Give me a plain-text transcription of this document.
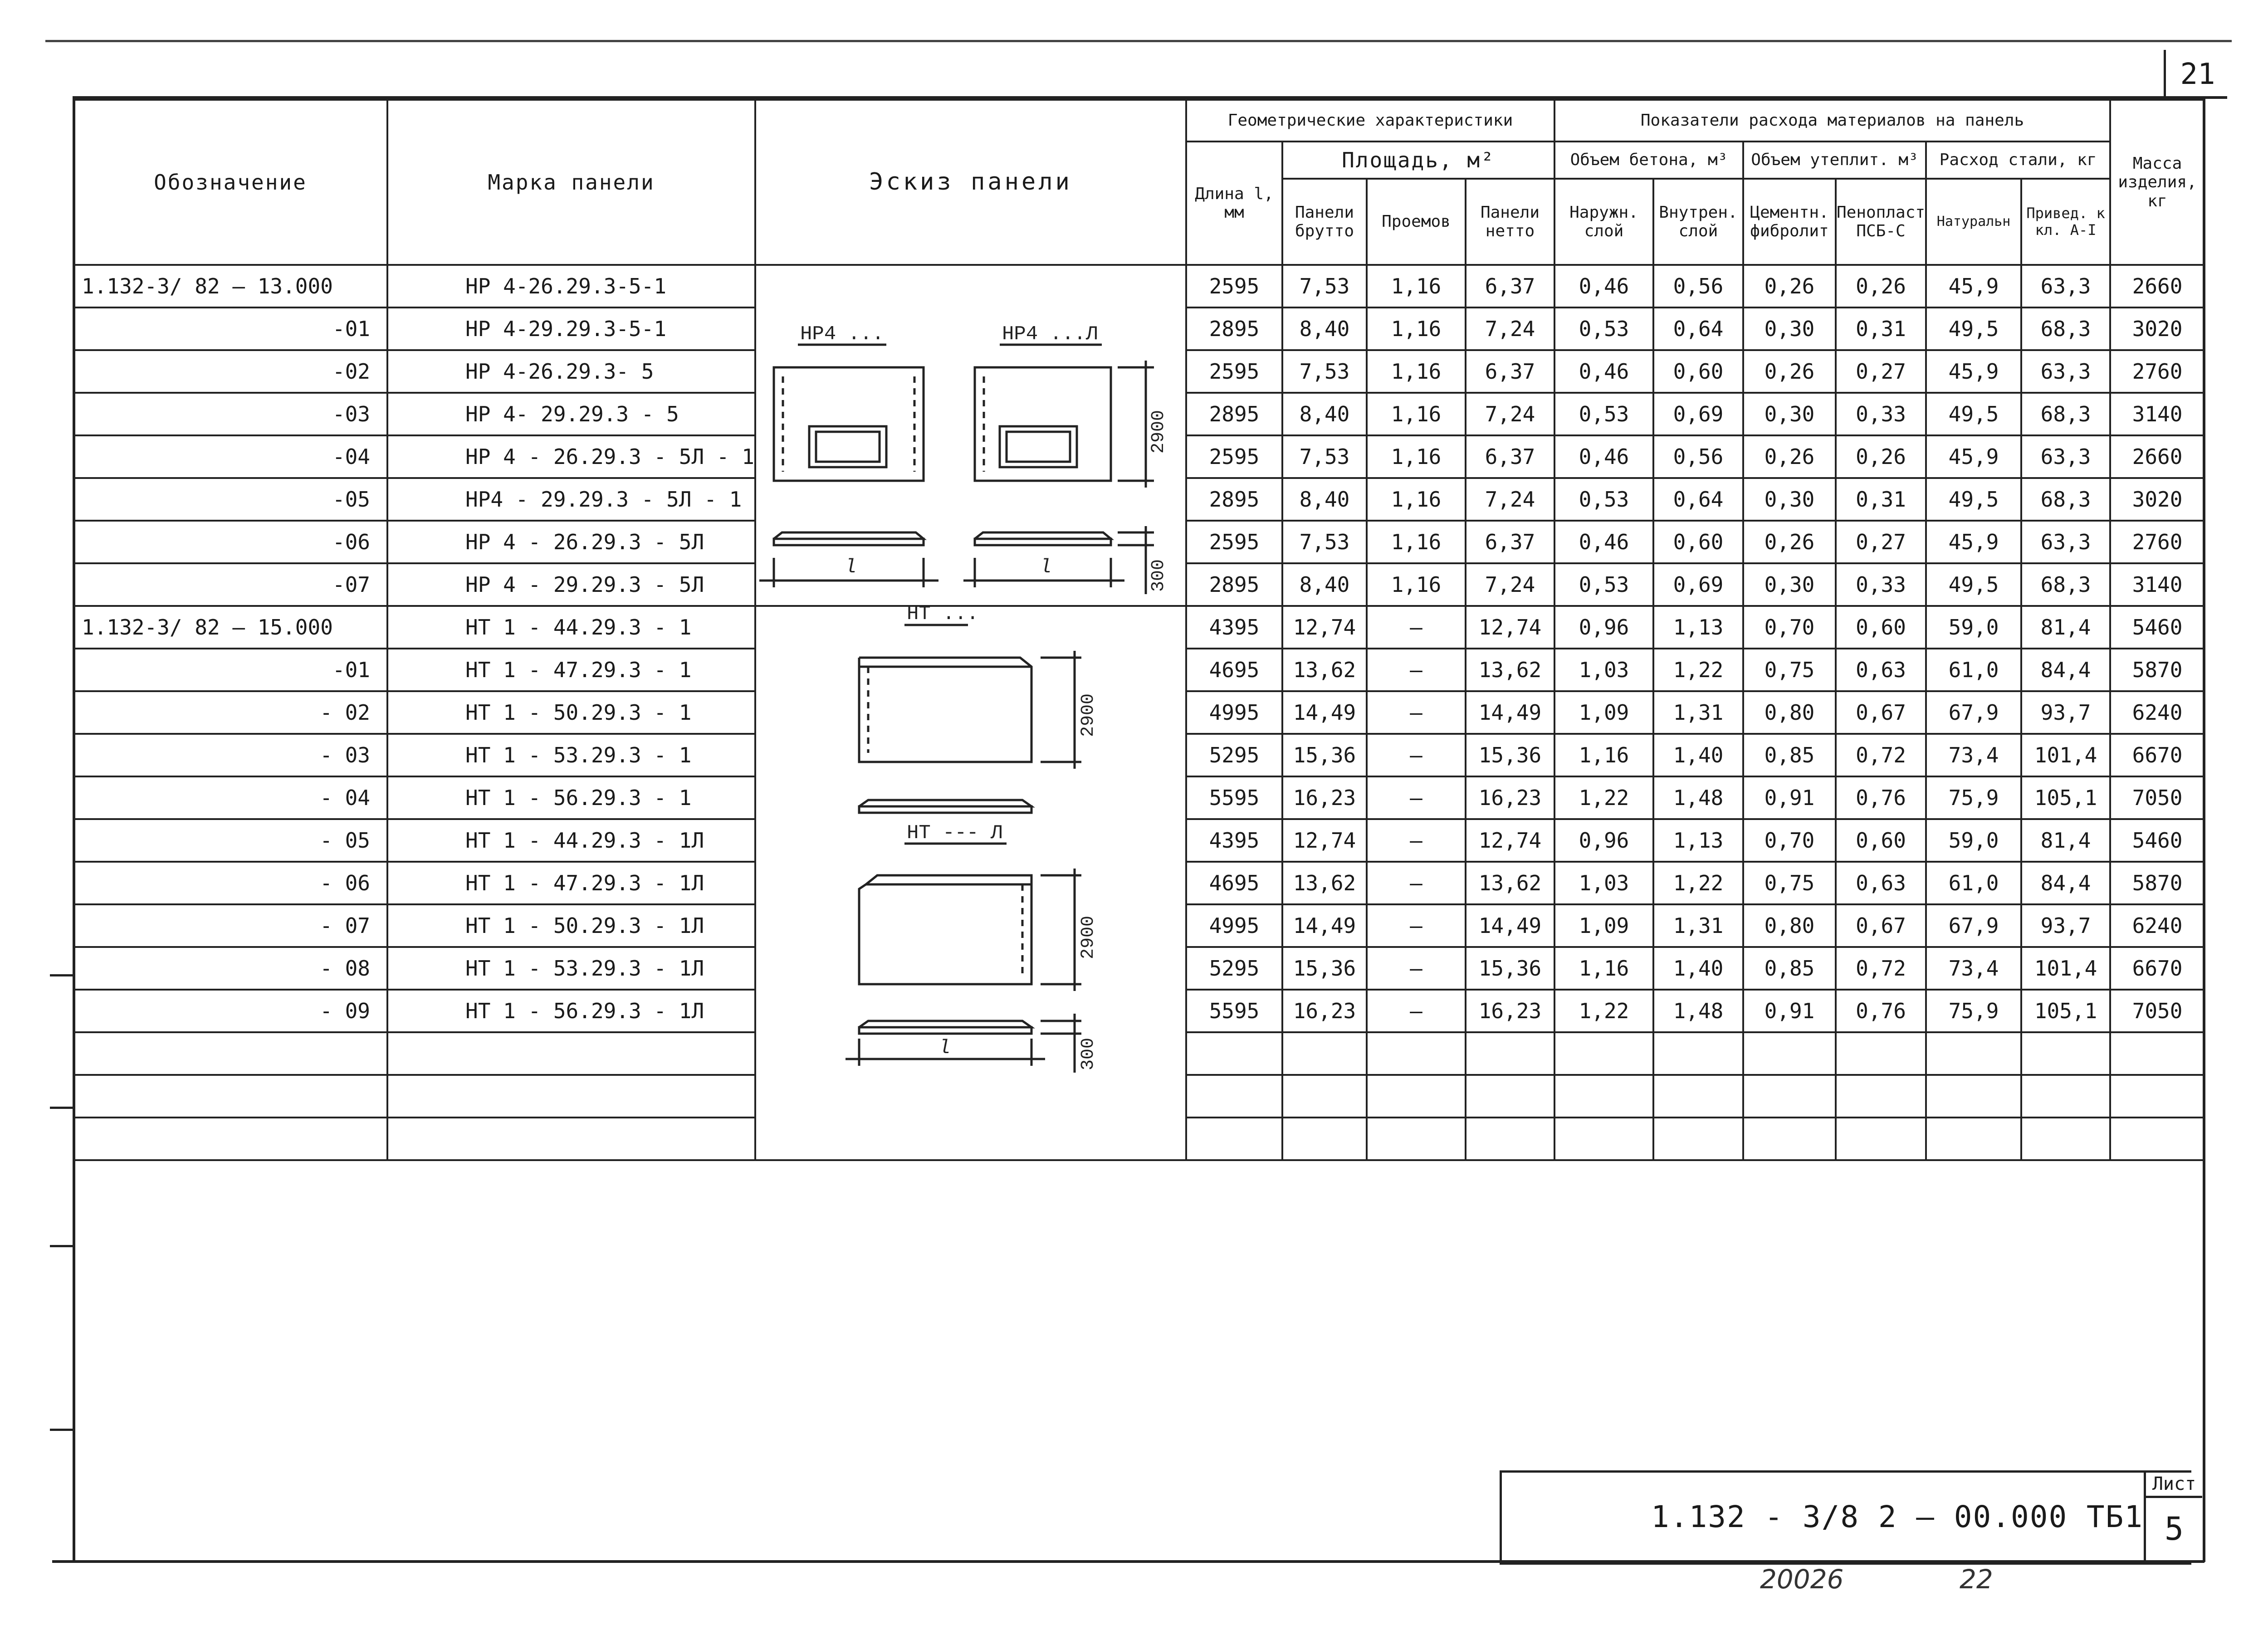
21
Обозначение	Марка панели	Эскиз панели	Геометрические характеристики				Показатели расхода материалов на панель						Масса изделия, кг
			Длина l, мм	Площадь, м²			Объем бетона, м³		Объем утеплит. м³		Расход стали, кг		
				Панели брутто	Проемов	Панели нетто	Наружн. слой	Внутрен. слой	Цементн. фибролит	Пенопласт ПСБ-С	Натуральн	Привед. к кл. А-I	
1.132-3/ 82 — 13.000	НР 4-26.29.3-5-1		2595	7,53	1,16	6,37	0,46	0,56	0,26	0,26	45,9	63,3	2660
-01	НР 4-29.29.3-5-1		2895	8,40	1,16	7,24	0,53	0,64	0,30	0,31	49,5	68,3	3020
-02	НР 4-26.29.3- 5		2595	7,53	1,16	6,37	0,46	0,60	0,26	0,27	45,9	63,3	2760
-03	НР 4- 29.29.3 - 5		2895	8,40	1,16	7,24	0,53	0,69	0,30	0,33	49,5	68,3	3140
-04	НР 4 - 26.29.3 - 5Л - 1		2595	7,53	1,16	6,37	0,46	0,56	0,26	0,26	45,9	63,3	2660
-05	НР4 - 29.29.3 - 5Л - 1		2895	8,40	1,16	7,24	0,53	0,64	0,30	0,31	49,5	68,3	3020
-06	НР 4 - 26.29.3 - 5Л		2595	7,53	1,16	6,37	0,46	0,60	0,26	0,27	45,9	63,3	2760
-07	НР 4 - 29.29.3 - 5Л		2895	8,40	1,16	7,24	0,53	0,69	0,30	0,33	49,5	68,3	3140
1.132-3/ 82 — 15.000	НТ 1 - 44.29.3 - 1		4395	12,74	—	12,74	0,96	1,13	0,70	0,60	59,0	81,4	5460
-01	НТ 1 - 47.29.3 - 1		4695	13,62	—	13,62	1,03	1,22	0,75	0,63	61,0	84,4	5870
- 02	НТ 1 - 50.29.3 - 1		4995	14,49	—	14,49	1,09	1,31	0,80	0,67	67,9	93,7	6240
- 03	НТ 1 - 53.29.3 - 1		5295	15,36	—	15,36	1,16	1,40	0,85	0,72	73,4	101,4	6670
- 04	НТ 1 - 56.29.3 - 1		5595	16,23	—	16,23	1,22	1,48	0,91	0,76	75,9	105,1	7050
- 05	НТ 1 - 44.29.3 - 1Л		4395	12,74	—	12,74	0,96	1,13	0,70	0,60	59,0	81,4	5460
- 06	НТ 1 - 47.29.3 - 1Л		4695	13,62	—	13,62	1,03	1,22	0,75	0,63	61,0	84,4	5870
- 07	НТ 1 - 50.29.3 - 1Л		4995	14,49	—	14,49	1,09	1,31	0,80	0,67	67,9	93,7	6240
- 08	НТ 1 - 53.29.3 - 1Л		5295	15,36	—	15,36	1,16	1,40	0,85	0,72	73,4	101,4	6670
- 09	НТ 1 - 56.29.3 - 1Л		5595	16,23	—	16,23	1,22	1,48	0,91	0,76	75,9	105,1	7050

НР4 ...	НР4 ...Л
l	l
2900
300
НТ ...
НТ --- Л
l
2900
2900
300
1.132 - 3/8 2 — 00.000 ТБ1
Лист
5
20026	22
